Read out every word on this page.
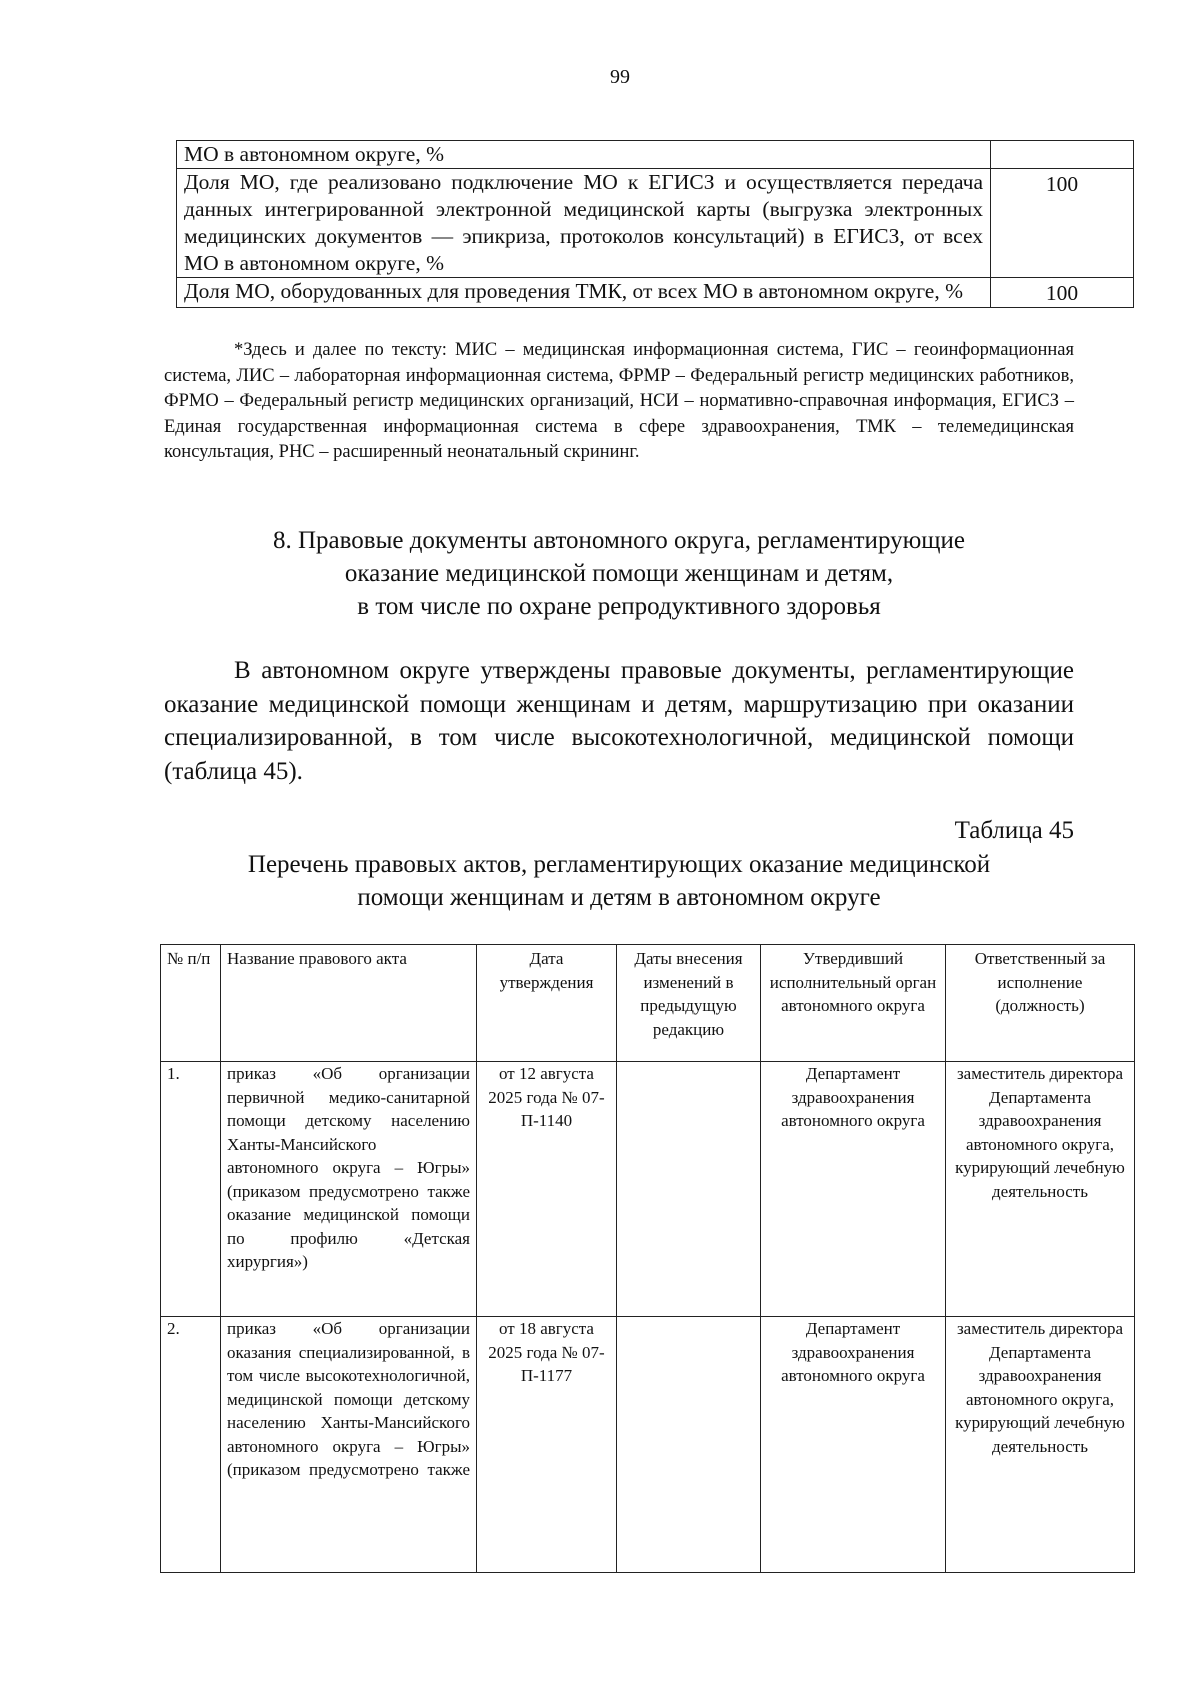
99
МО в автономном округе, %	
Доля МО, где реализовано подключение МО к ЕГИСЗ и осуществляется передача данных интегрированной электронной медицинской карты (выгрузка электронных медицинских документов — эпикриза, протоколов консультаций) в ЕГИСЗ, от всех МО в автономном округе, %	100
Доля МО, оборудованных для проведения ТМК, от всех МО в автономном округе, %	100
*Здесь и далее по тексту: МИС – медицинская информационная система, ГИС – геоинформационная система, ЛИС – лабораторная информационная система, ФРМР – Федеральный регистр медицинских работников, ФРМО – Федеральный регистр медицинских организаций, НСИ – нормативно-справочная информация, ЕГИСЗ – Единая государственная информационная система в сфере здравоохранения, ТМК – телемедицинская консультация, РНС – расширенный неонатальный скрининг.
8. Правовые документы автономного округа, регламентирующие
оказание медицинской помощи женщинам и детям,
в том числе по охране репродуктивного здоровья
В автономном округе утверждены правовые документы, регламентирующие оказание медицинской помощи женщинам и детям, маршрутизацию при оказании специализированной, в том числе высокотехнологичной, медицинской помощи (таблица 45).
Таблица 45
Перечень правовых актов, регламентирующих оказание медицинской
помощи женщинам и детям в автономном округе
№ п/п	Название правового акта	Дата утверждения	Даты внесения изменений в предыдущую редакцию	Утвердивший исполнительный орган автономного округа	Ответственный за исполнение (должность)
1.	приказ «Об организации первичной медико-санитарной помощи детскому населению Ханты-Мансийского автономного округа – Югры» (приказом предусмотрено также оказание медицинской помощи по профилю «Детская хирургия»)	от 12 августа 2025 года № 07-П-1140		Департамент здравоохранения автономного округа	заместитель директора Департамента здравоохранения автономного округа, курирующий лечебную деятельность
2.	приказ «Об организации оказания специализированной, в том числе высокотехнологичной, медицинской помощи детскому населению Ханты-Мансийского автономного округа – Югры» (приказом предусмотрено также	от 18 августа 2025 года № 07-П-1177		Департамент здравоохранения автономного округа	заместитель директора Департамента здравоохранения автономного округа, курирующий лечебную деятельность
